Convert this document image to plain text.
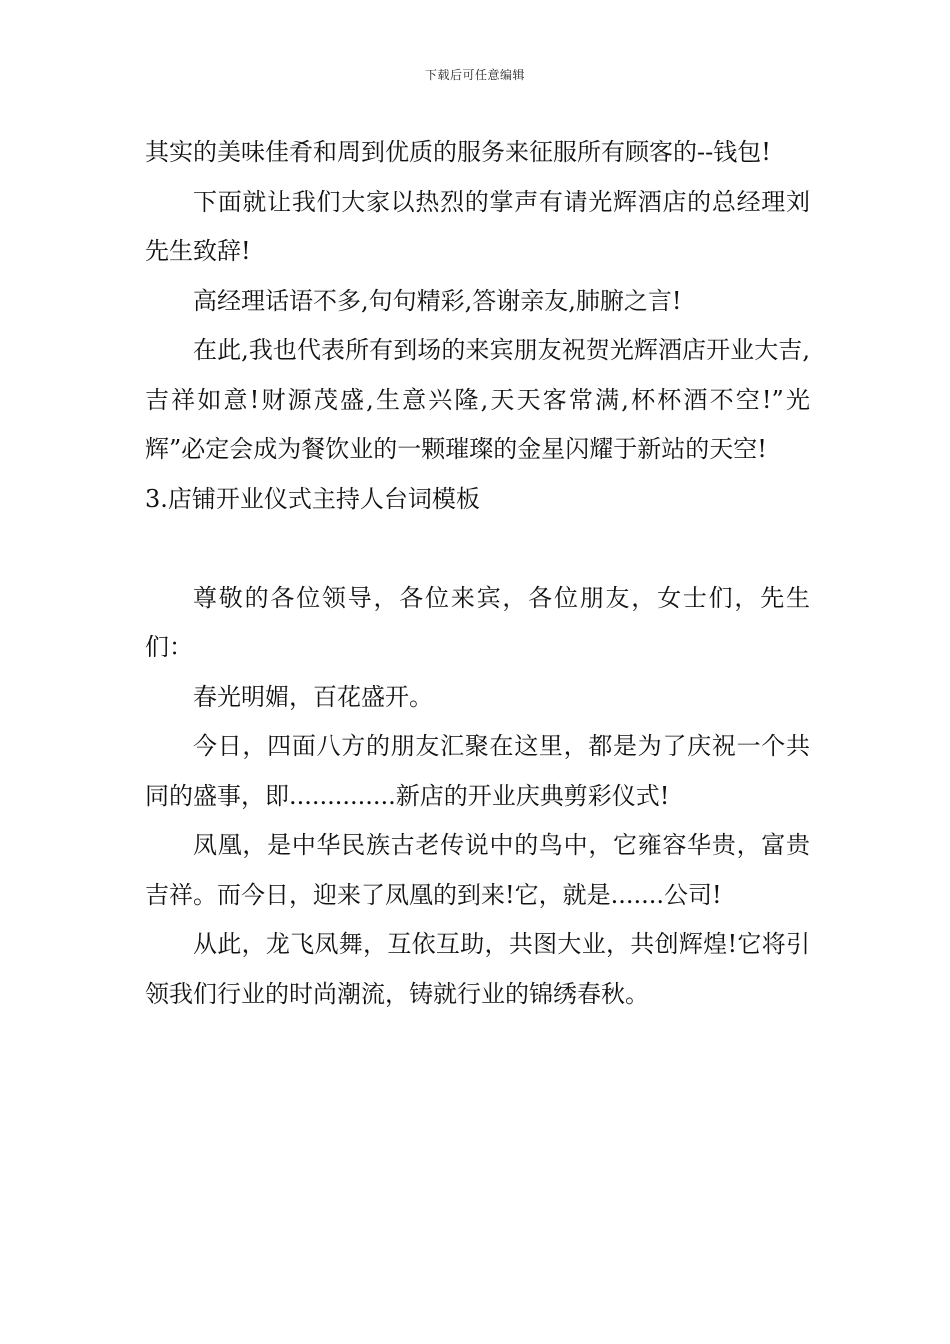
下载后可任意编辑

其实的美味佳肴和周到优质的服务来征服所有顾客的--钱包!

下面就让我们大家以热烈的掌声有请光辉酒店的总经理刘先生致辞!

高经理话语不多,句句精彩,答谢亲友,肺腑之言!

在此,我也代表所有到场的来宾朋友祝贺光辉酒店开业大吉,吉祥如意!财源茂盛,生意兴隆,天天客常满,杯杯酒不空!”光辉”必定会成为餐饮业的一颗璀璨的金星闪耀于新站的天空!

3.店铺开业仪式主持人台词模板

尊敬的各位领导，各位来宾，各位朋友，女士们，先生们：

春光明媚，百花盛开。

今日，四面八方的朋友汇聚在这里，都是为了庆祝一个共同的盛事，即..............新店的开业庆典剪彩仪式!

凤凰，是中华民族古老传说中的鸟中，它雍容华贵，富贵吉祥。而今日，迎来了凤凰的到来!它，就是.......公司!

从此，龙飞凤舞，互依互助，共图大业，共创辉煌!它将引领我们行业的时尚潮流，铸就行业的锦绣春秋。
